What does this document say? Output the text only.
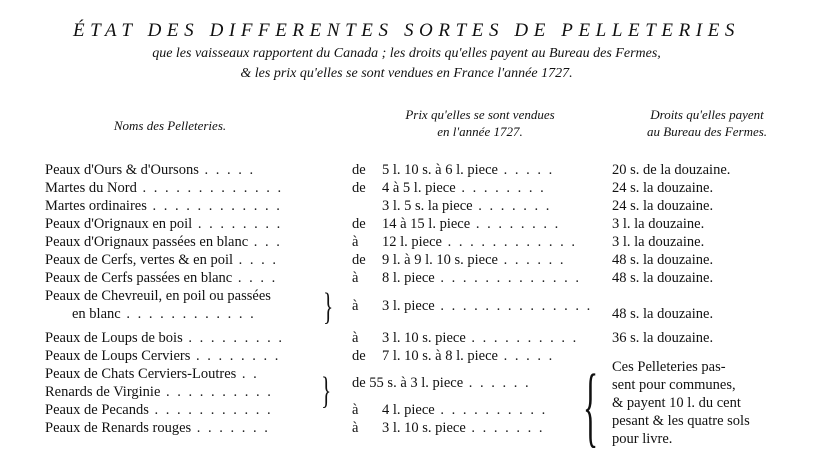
ÉTAT DES DIFFERENTES SORTES DE PELLETERIES
que les vaisseaux rapportent du Canada ; les droits qu'elles payent au Bureau des Fermes,
& les prix qu'elles se sont vendues en France l'année 1727.
Noms des Pelleteries.
Prix qu'elles se sont vendues
en l'année 1727.
Droits qu'elles payent
au Bureau des Fermes.
Peaux d'Ours & d'Oursons . . . . .	de 5 l. 10 s. à 6 l. piece . . . . .	20 s. de la douzaine.
Martes du Nord . . . . . . . . . . . . .	de 4 à 5 l. piece . . . . . . . .	24 s. la douzaine.
Martes ordinaires . . . . . . . . . . . .	3 l. 5 s. la piece . . . . . . .	24 s. la douzaine.
Peaux d'Orignaux en poil . . . . . . . .	de 14 à 15 l. piece . . . . . . . .	3 l. la douzaine.
Peaux d'Orignaux passées en blanc . . .	à 12 l. piece . . . . . . . . . . . . 3 l. la douzaine.
Peaux de Cerfs, vertes & en poil . . . .	de 9 l. à 9 l. 10 s. piece . . . . . .	48 s. la douzaine.
Peaux de Cerfs passées en blanc . . . .	à 8 l. piece . . . . . . . . . . . . . 48 s. la douzaine.
Peaux de Chevreuil, en poil ou passées
en blanc . . . . . . . . . . . . } à 3 l. piece . . . . . . . . . . . . . . 48 s. la douzaine.
Peaux de Loups de bois . . . . . . . . .	à 3 l. 10 s. piece . . . . . . . . . . 36 s. la douzaine.
Peaux de Loups Cerviers . . . . . . . .	de 7 l. 10 s. à 8 l. piece . . . . .
Peaux de Chats Cerviers-Loutres . .
Renards de Virginie . . . . . . . . . .	} de 55 s. à 3 l. piece . . . . . .
Peaux de Pecands . . . . . . . . . . .	à 4 l. piece . . . . . . . . . .
Peaux de Renards rouges . . . . . . .	à 3 l. 10 s. piece . . . . . . . { Ces Pelleteries pas-
sent pour communes,
& payent 10 l. du cent
pesant & les quatre sols
pour livre.
